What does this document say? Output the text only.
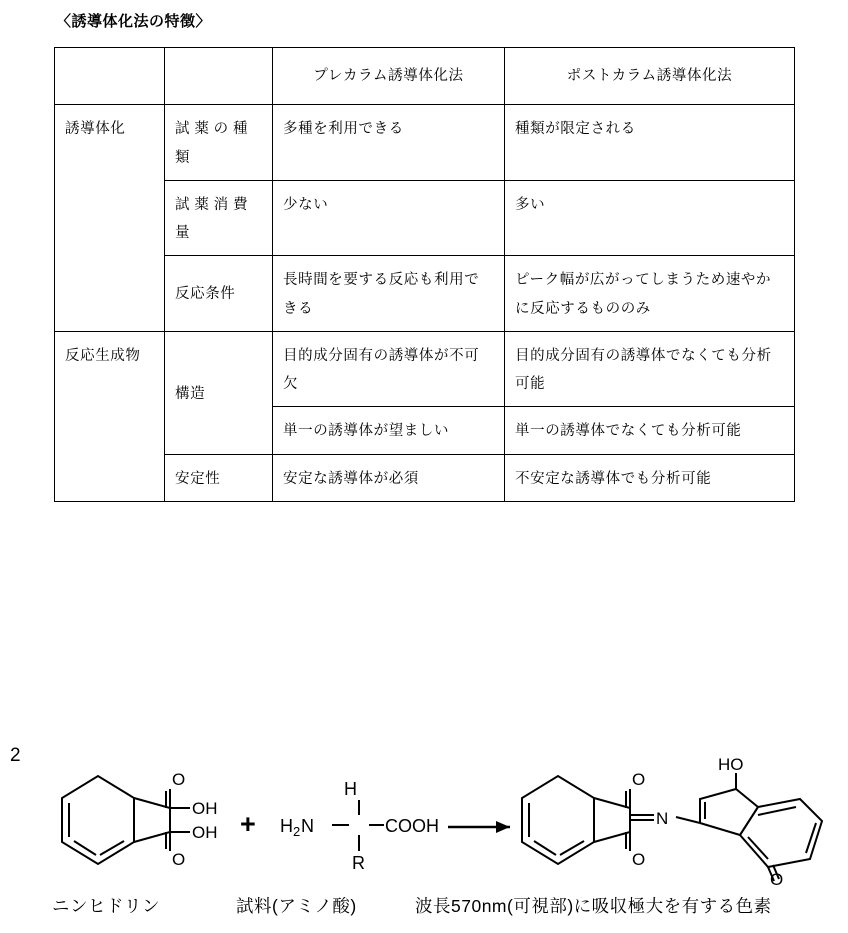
〈誘導体化法の特徴〉
		プレカラム誘導体化法	ポストカラム誘導体化法
誘導体化	試 薬 の 種 類	多種を利用できる	種類が限定される
	試 薬 消 費 量	少ない	多い
	反応条件	長時間を要する反応も利用できる	ピーク幅が広がってしまうため速やかに反応するもののみ
反応生成物	構造	目的成分固有の誘導体が不可欠	目的成分固有の誘導体でなくても分析可能
		単一の誘導体が望ましい	単一の誘導体でなくても分析可能
	安定性	安定な誘導体が必須	不安定な誘導体でも分析可能
2
O
O
OH
OH +
H
H 2 N	COOH
R
O
O
N
HO
O
ニンヒドリン	試料(アミノ酸)	波長570nm(可視部)に吸収極大を有する色素
